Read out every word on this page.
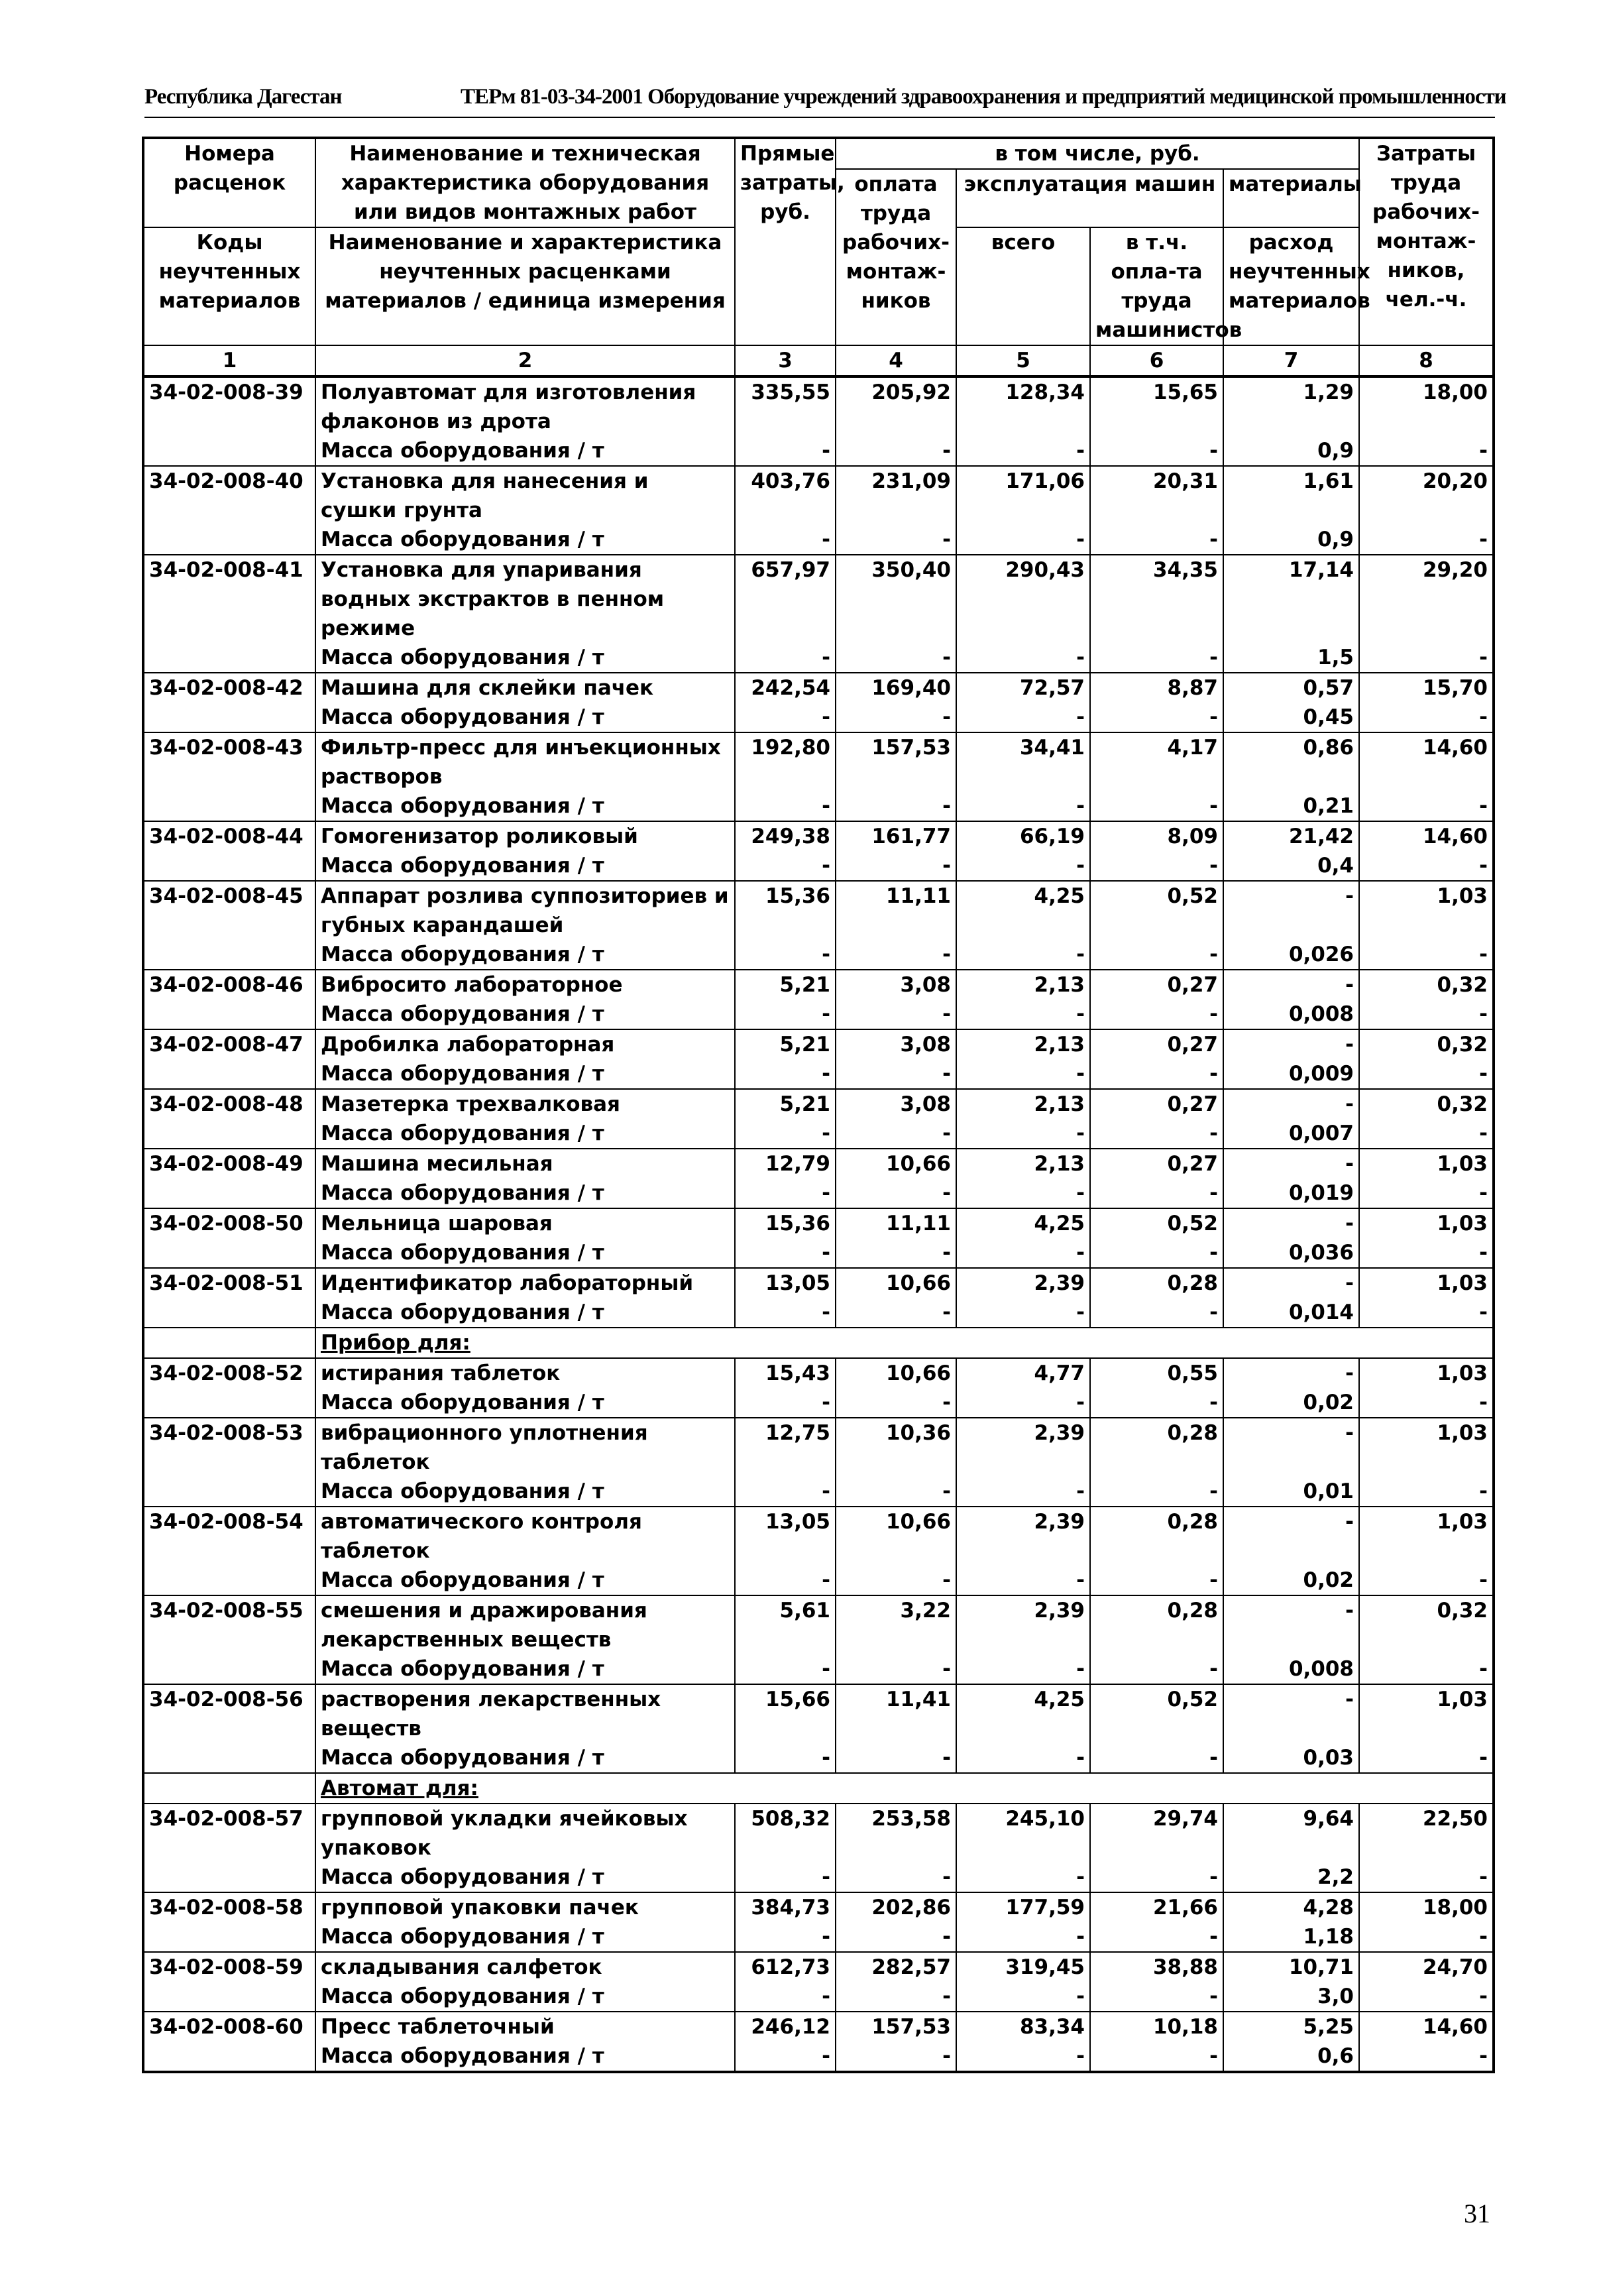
Республика Дагестан	ТЕРм 81-03-34-2001 Оборудование учреждений здравоохранения и предприятий медицинской промышленности
Номера расценок	Наименование и техническая характеристика оборудования или видов монтажных работ	Прямые затраты, руб.	в том числе, руб.				Затраты труда рабочих-монтаж-ников, чел.-ч.
			оплата труда рабочих-монтаж-ников	эксплуатация машин		материалы	
Коды неучтенных материалов	Наименование и характеристика неучтенных расценками материалов / единица измерения			всего	в т.ч. опла-та труда машинистов	расход неучтенных материалов	

1	2	3	4	5	6	7	8
34-02-008-39	Полуавтомат для изготовления флаконов из дрота	335,55	205,92	128,34	15,65	1,29	18,00
	Масса оборудования / т	-	-	-	-	0,9	-
34-02-008-40	Установка для нанесения и сушки грунта	403,76	231,09	171,06	20,31	1,61	20,20
	Масса оборудования / т	-	-	-	-	0,9	-
34-02-008-41	Установка для упаривания водных экстрактов в пенном режиме	657,97	350,40	290,43	34,35	17,14	29,20
	Масса оборудования / т	-	-	-	-	1,5	-
34-02-008-42	Машина для склейки пачек	242,54	169,40	72,57	8,87	0,57	15,70
	Масса оборудования / т	-	-	-	-	0,45	-
34-02-008-43	Фильтр-пресс для инъекционных растворов	192,80	157,53	34,41	4,17	0,86	14,60
	Масса оборудования / т	-	-	-	-	0,21	-
34-02-008-44	Гомогенизатор роликовый	249,38	161,77	66,19	8,09	21,42	14,60
	Масса оборудования / т	-	-	-	-	0,4	-
34-02-008-45	Аппарат розлива суппозиториев и губных карандашей	15,36	11,11	4,25	0,52	-	1,03
	Масса оборудования / т	-	-	-	-	0,026	-
34-02-008-46	Вибросито лабораторное	5,21	3,08	2,13	0,27	-	0,32
	Масса оборудования / т	-	-	-	-	0,008	-
34-02-008-47	Дробилка лабораторная	5,21	3,08	2,13	0,27	-	0,32
	Масса оборудования / т	-	-	-	-	0,009	-
34-02-008-48	Мазетерка трехвалковая	5,21	3,08	2,13	0,27	-	0,32
	Масса оборудования / т	-	-	-	-	0,007	-
34-02-008-49	Машина месильная	12,79	10,66	2,13	0,27	-	1,03
	Масса оборудования / т	-	-	-	-	0,019	-
34-02-008-50	Мельница шаровая	15,36	11,11	4,25	0,52	-	1,03
	Масса оборудования / т	-	-	-	-	0,036	-
34-02-008-51	Идентификатор лабораторный	13,05	10,66	2,39	0,28	-	1,03
	Масса оборудования / т	-	-	-	-	0,014	-
	Прибор для:						
34-02-008-52	истирания таблеток	15,43	10,66	4,77	0,55	-	1,03
	Масса оборудования / т	-	-	-	-	0,02	-
34-02-008-53	вибрационного уплотнения таблеток	12,75	10,36	2,39	0,28	-	1,03
	Масса оборудования / т	-	-	-	-	0,01	-
34-02-008-54	автоматического контроля таблеток	13,05	10,66	2,39	0,28	-	1,03
	Масса оборудования / т	-	-	-	-	0,02	-
34-02-008-55	смешения и дражирования лекарственных веществ	5,61	3,22	2,39	0,28	-	0,32
	Масса оборудования / т	-	-	-	-	0,008	-
34-02-008-56	растворения лекарственных веществ	15,66	11,41	4,25	0,52	-	1,03
	Масса оборудования / т	-	-	-	-	0,03	-
	Автомат для:						
34-02-008-57	групповой укладки ячейковых упаковок	508,32	253,58	245,10	29,74	9,64	22,50
	Масса оборудования / т	-	-	-	-	2,2	-
34-02-008-58	групповой упаковки пачек	384,73	202,86	177,59	21,66	4,28	18,00
	Масса оборудования / т	-	-	-	-	1,18	-
34-02-008-59	складывания салфеток	612,73	282,57	319,45	38,88	10,71	24,70
	Масса оборудования / т	-	-	-	-	3,0	-
34-02-008-60	Пресс таблеточный	246,12	157,53	83,34	10,18	5,25	14,60
	Масса оборудования / т	-	-	-	-	0,6	-
31
